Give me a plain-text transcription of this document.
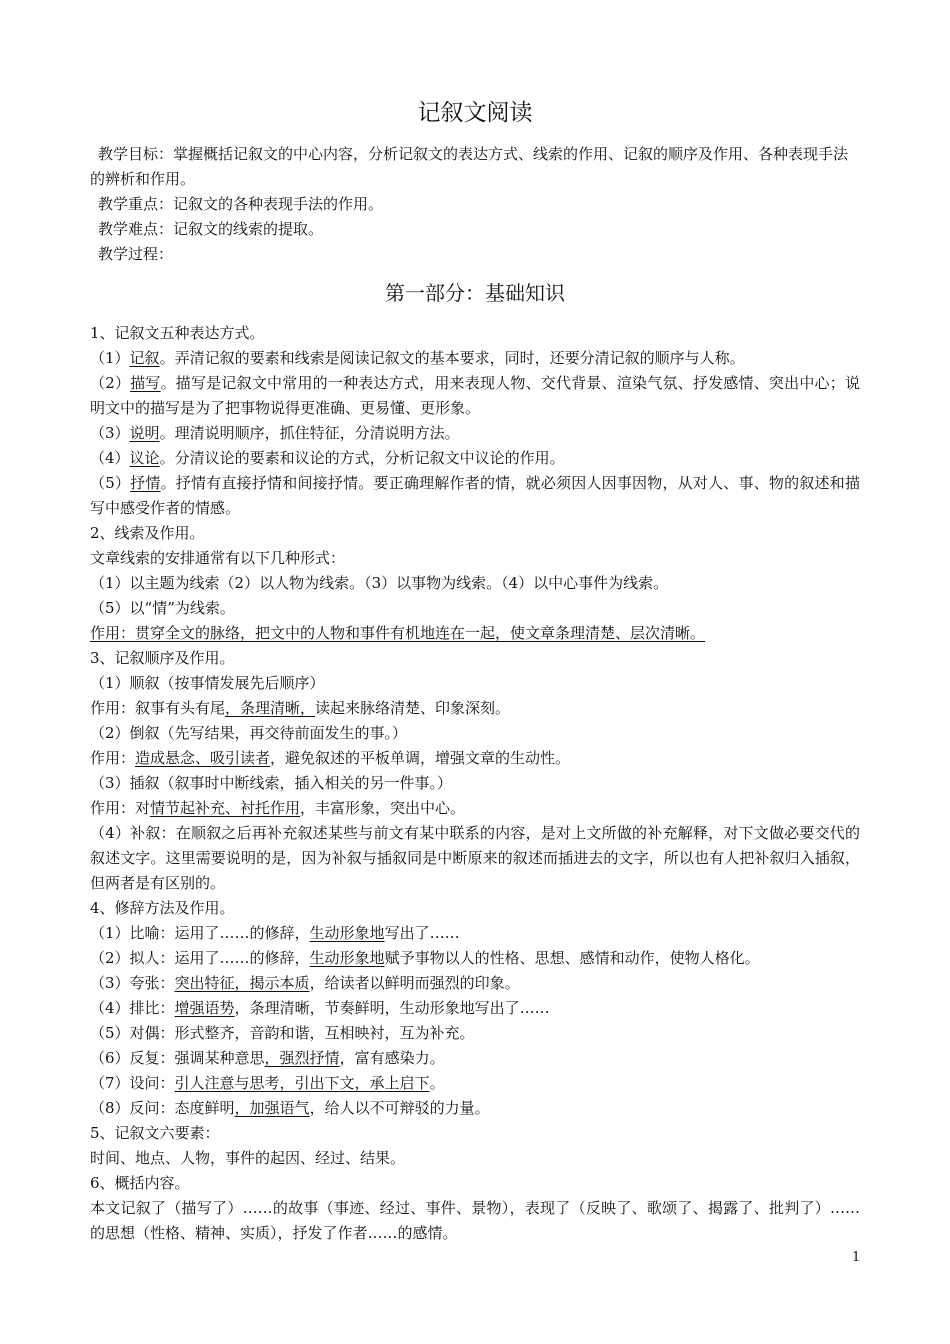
记叙文阅读

教学目标：掌握概括记叙文的中心内容，分析记叙文的表达方式、线索的作用、记叙的顺序及作用、各种表现手法的辨析和作用。

教学重点：记叙文的各种表现手法的作用。

教学难点：记叙文的线索的提取。

教学过程：

第一部分：基础知识

1、记叙文五种表达方式。

（1）记叙。弄清记叙的要素和线索是阅读记叙文的基本要求，同时，还要分清记叙的顺序与人称。

（2）描写。描写是记叙文中常用的一种表达方式，用来表现人物、交代背景、渲染气氛、抒发感情、突出中心；说明文中的描写是为了把事物说得更准确、更易懂、更形象。

（3）说明。理清说明顺序，抓住特征，分清说明方法。

（4）议论。分清议论的要素和议论的方式，分析记叙文中议论的作用。

（5）抒情。抒情有直接抒情和间接抒情。要正确理解作者的情，就必须因人因事因物，从对人、事、物的叙述和描写中感受作者的情感。

2、线索及作用。

文章线索的安排通常有以下几种形式：

（1）以主题为线索（2）以人物为线索。（3）以事物为线索。（4）以中心事件为线索。

（5）以“情”为线索。

作用：贯穿全文的脉络，把文中的人物和事件有机地连在一起，使文章条理清楚、层次清晰。

3、记叙顺序及作用。

（1）顺叙（按事情发展先后顺序）

作用：叙事有头有尾，条理清晰，读起来脉络清楚、印象深刻。

（2）倒叙（先写结果，再交待前面发生的事。）

作用：造成悬念、吸引读者，避免叙述的平板单调，增强文章的生动性。

（3）插叙（叙事时中断线索，插入相关的另一件事。）

作用：对情节起补充、衬托作用，丰富形象，突出中心。

（4）补叙：在顺叙之后再补充叙述某些与前文有某中联系的内容，是对上文所做的补充解释，对下文做必要交代的叙述文字。这里需要说明的是，因为补叙与插叙同是中断原来的叙述而插进去的文字，所以也有人把补叙归入插叙，但两者是有区别的。

4、修辞方法及作用。

（1）比喻：运用了……的修辞，生动形象地写出了……

（2）拟人：运用了……的修辞，生动形象地赋予事物以人的性格、思想、感情和动作，使物人格化。

（3）夸张：突出特征，揭示本质，给读者以鲜明而强烈的印象。

（4）排比：增强语势，条理清晰，节奏鲜明，生动形象地写出了……

（5）对偶：形式整齐，音韵和谐，互相映衬，互为补充。

（6）反复：强调某种意思，强烈抒情，富有感染力。

（7）设问：引人注意与思考，引出下文，承上启下。

（8）反问：态度鲜明，加强语气，给人以不可辩驳的力量。

5、记叙文六要素：

时间、地点、人物，事件的起因、经过、结果。

6、概括内容。

本文记叙了（描写了）……的故事（事迹、经过、事件、景物），表现了（反映了、歌颂了、揭露了、批判了）……的思想（性格、精神、实质），抒发了作者……的感情。

1
